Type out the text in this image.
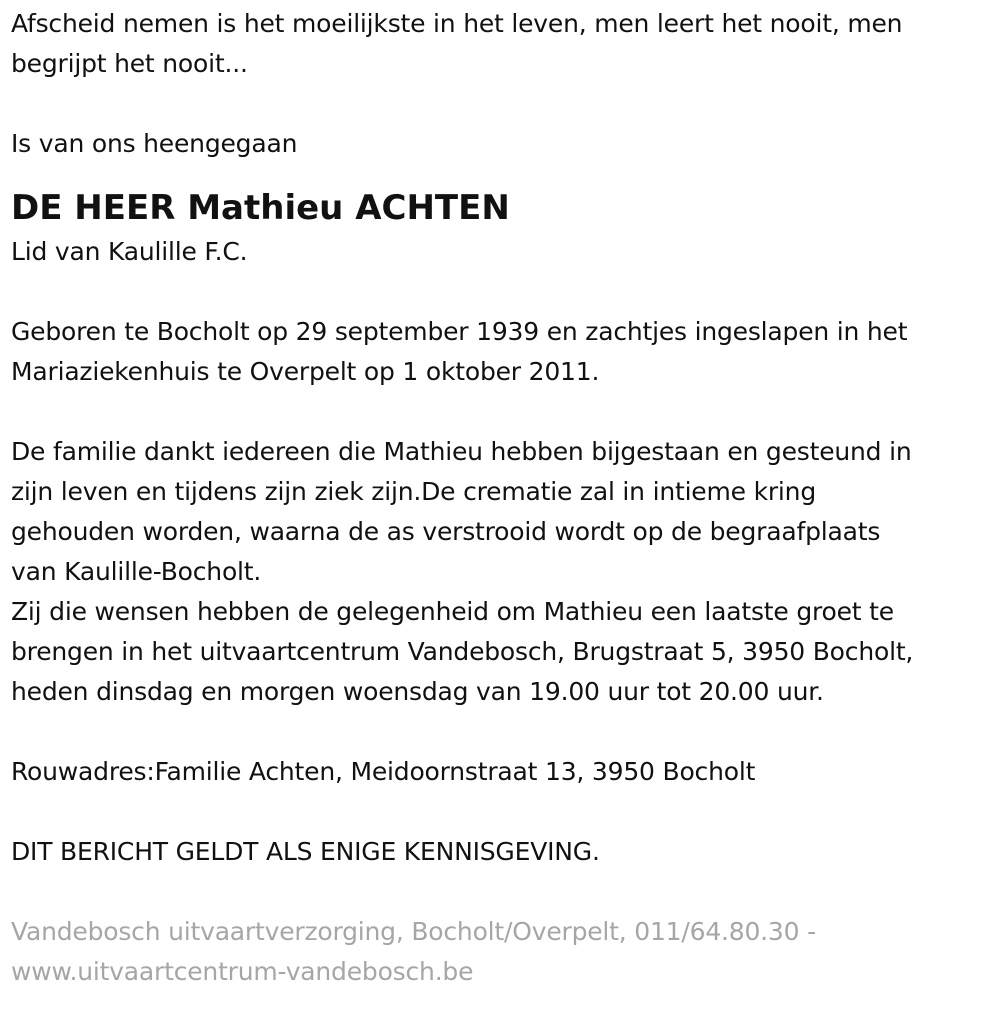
Afscheid nemen is het moeilijkste in het leven, men leert het nooit, men
begrijpt het nooit...
Is van ons heengegaan
DE HEER Mathieu ACHTEN
Lid van Kaulille F.C.
Geboren te Bocholt op 29 september 1939 en zachtjes ingeslapen in het
Mariaziekenhuis te Overpelt op 1 oktober 2011.
De familie dankt iedereen die Mathieu hebben bijgestaan en gesteund in
zijn leven en tijdens zijn ziek zijn.De crematie zal in intieme kring
gehouden worden, waarna de as verstrooid wordt op de begraafplaats
van Kaulille-Bocholt.
Zij die wensen hebben de gelegenheid om Mathieu een laatste groet te
brengen in het uitvaartcentrum Vandebosch, Brugstraat 5, 3950 Bocholt,
heden dinsdag en morgen woensdag van 19.00 uur tot 20.00 uur.
Rouwadres:Familie Achten, Meidoornstraat 13, 3950 Bocholt
DIT BERICHT GELDT ALS ENIGE KENNISGEVING.
Vandebosch uitvaartverzorging, Bocholt/Overpelt, 011/64.80.30 -
www.uitvaartcentrum-vandebosch.be
